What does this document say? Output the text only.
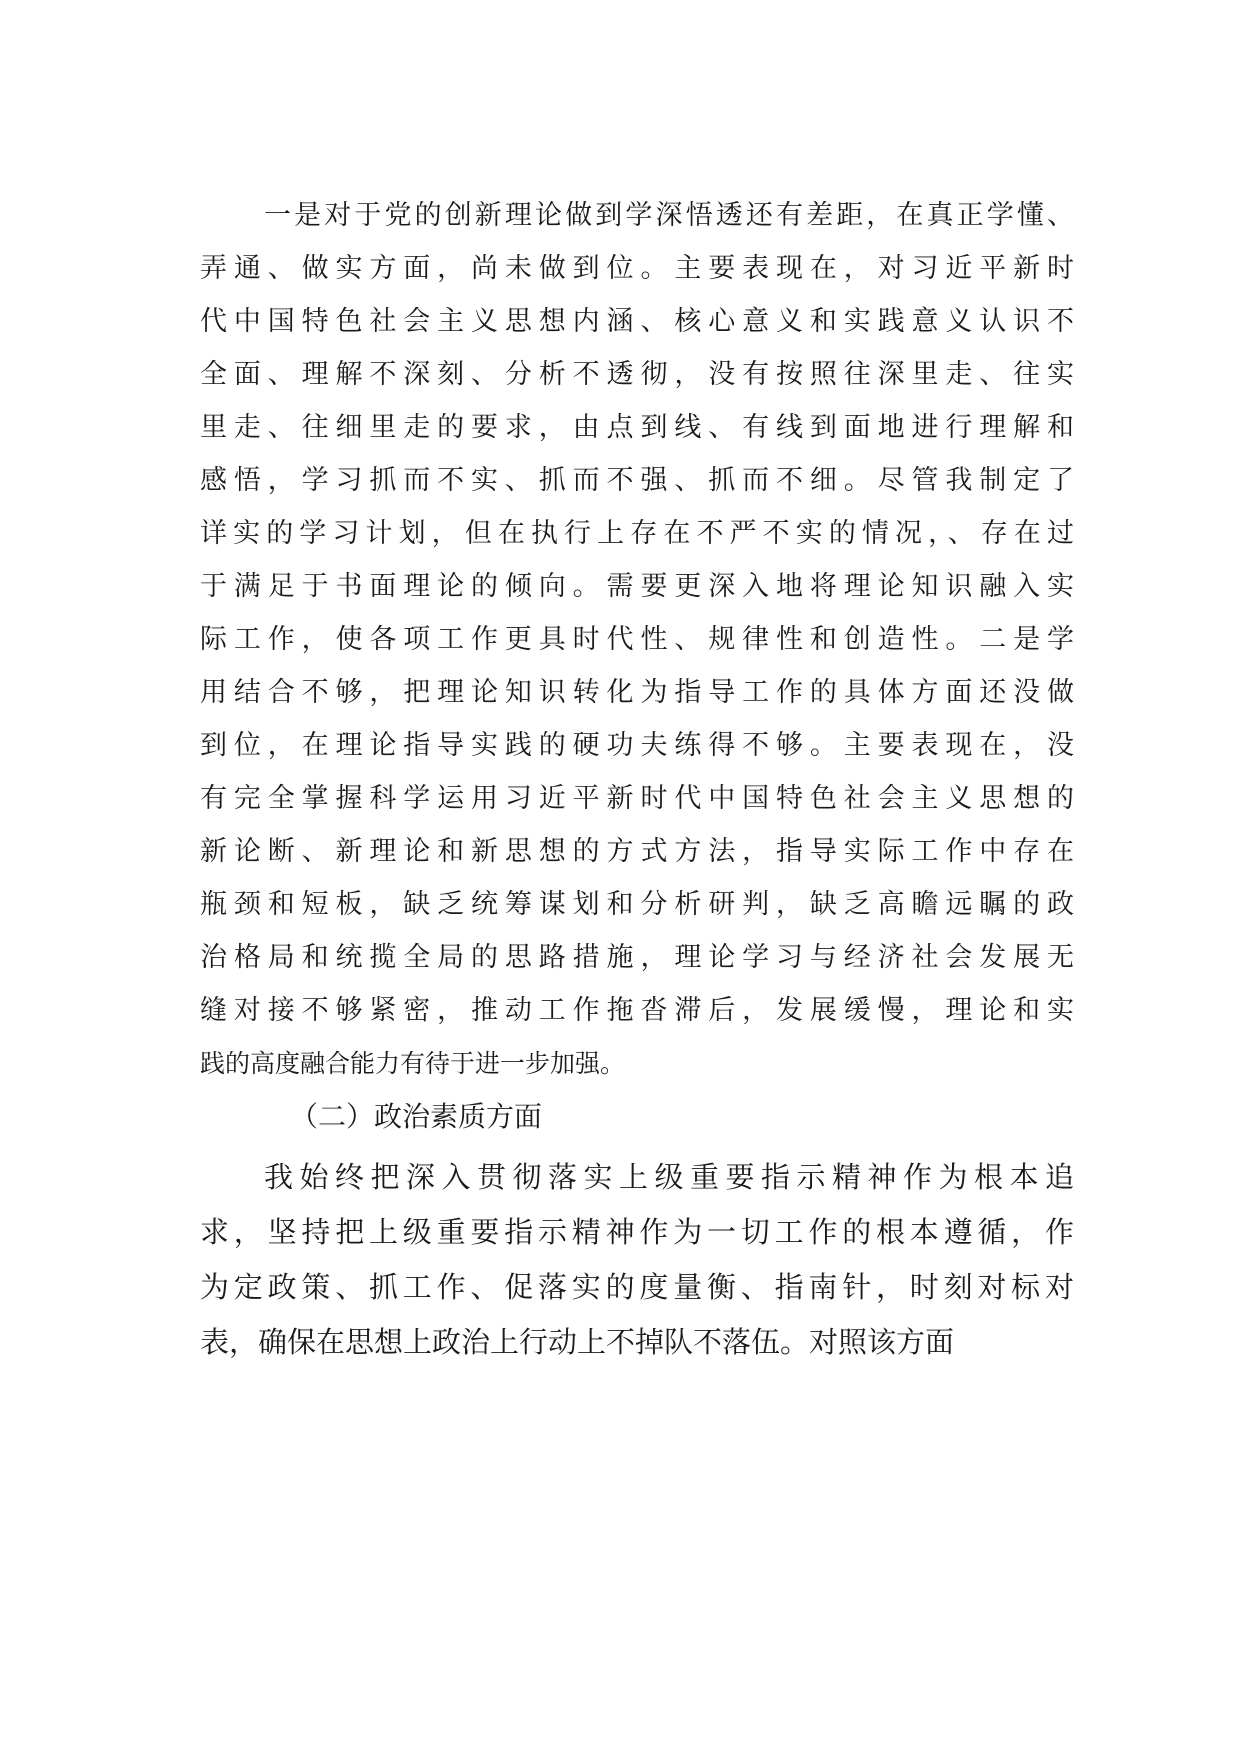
一是对于党的创新理论做到学深悟透还有差距，在真正学懂、
弄通、做实方面，尚未做到位。主要表现在，对习近平新时
代中国特色社会主义思想内涵、核心意义和实践意义认识不
全面、理解不深刻、分析不透彻，没有按照往深里走、往实
里走、往细里走的要求，由点到线、有线到面地进行理解和
感悟，学习抓而不实、抓而不强、抓而不细。尽管我制定了
详实的学习计划，但在执行上存在不严不实的情况，、存在过
于满足于书面理论的倾向。需要更深入地将理论知识融入实
际工作，使各项工作更具时代性、规律性和创造性。二是学
用结合不够，把理论知识转化为指导工作的具体方面还没做
到位，在理论指导实践的硬功夫练得不够。主要表现在，没
有完全掌握科学运用习近平新时代中国特色社会主义思想的
新论断、新理论和新思想的方式方法，指导实际工作中存在
瓶颈和短板，缺乏统筹谋划和分析研判，缺乏高瞻远瞩的政
治格局和统揽全局的思路措施，理论学习与经济社会发展无
缝对接不够紧密，推动工作拖沓滞后，发展缓慢，理论和实
践的高度融合能力有待于进一步加强。
（二）政治素质方面
我始终把深入贯彻落实上级重要指示精神作为根本追
求，坚持把上级重要指示精神作为一切工作的根本遵循，作
为定政策、抓工作、促落实的度量衡、指南针，时刻对标对
表，确保在思想上政治上行动上不掉队不落伍。对照该方面
